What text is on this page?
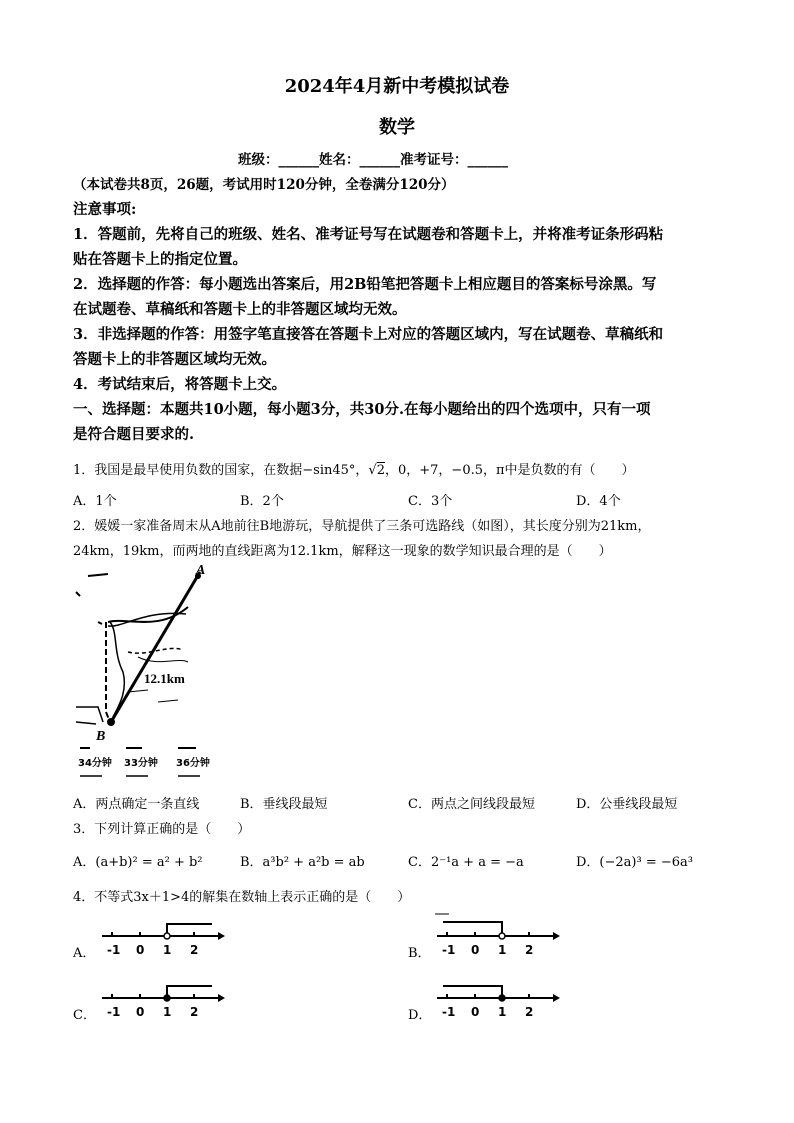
2024年4月新中考模拟试卷
数学
班级：______姓名：______准考证号：______
（本试卷共8页，26题，考试用时120分钟，全卷满分120分）
注意事项:
1．答题前，先将自己的班级、姓名、准考证号写在试题卷和答题卡上，并将准考证条形码粘
贴在答题卡上的指定位置。
2．选择题的作答：每小题选出答案后，用2B铅笔把答题卡上相应题目的答案标号涂黑。写
在试题卷、草稿纸和答题卡上的非答题区域均无效。
3．非选择题的作答：用签字笔直接答在答题卡上对应的答题区域内，写在试题卷、草稿纸和
答题卡上的非答题区域均无效。
4．考试结束后，将答题卡上交。
一、选择题：本题共10小题，每小题3分，共30分.在每小题给出的四个选项中，只有一项
是符合题目要求的.
1．我国是最早使用负数的国家，在数据−sin45°，√2，0，+7，−0.5，π中是负数的有（　　）
A．1个	B．2个	C．3个	D．4个
2．媛媛一家准备周末从A地前往B地游玩，导航提供了三条可选路线（如图），其长度分别为21km，
24km，19km，而两地的直线距离为12.1km，解释这一现象的数学知识最合理的是（　　）
A
B
12.1km
34分钟 33分钟 36分钟
A．两点确定一条直线	B．垂线段最短	C．两点之间线段最短	D．公垂线段最短
3．下列计算正确的是（　　）
A．(a+b)² = a² + b²	B．a³b² + a²b = ab	C．2⁻¹a + a = −a	D．(−2a)³ = −6a³
4．不等式3x＋1>4的解集在数轴上表示正确的是（　　）
A．	B．
C．	D．
-1 0 1 2	-1 0 1 2
-1 0 1 2	-1 0 1 2
